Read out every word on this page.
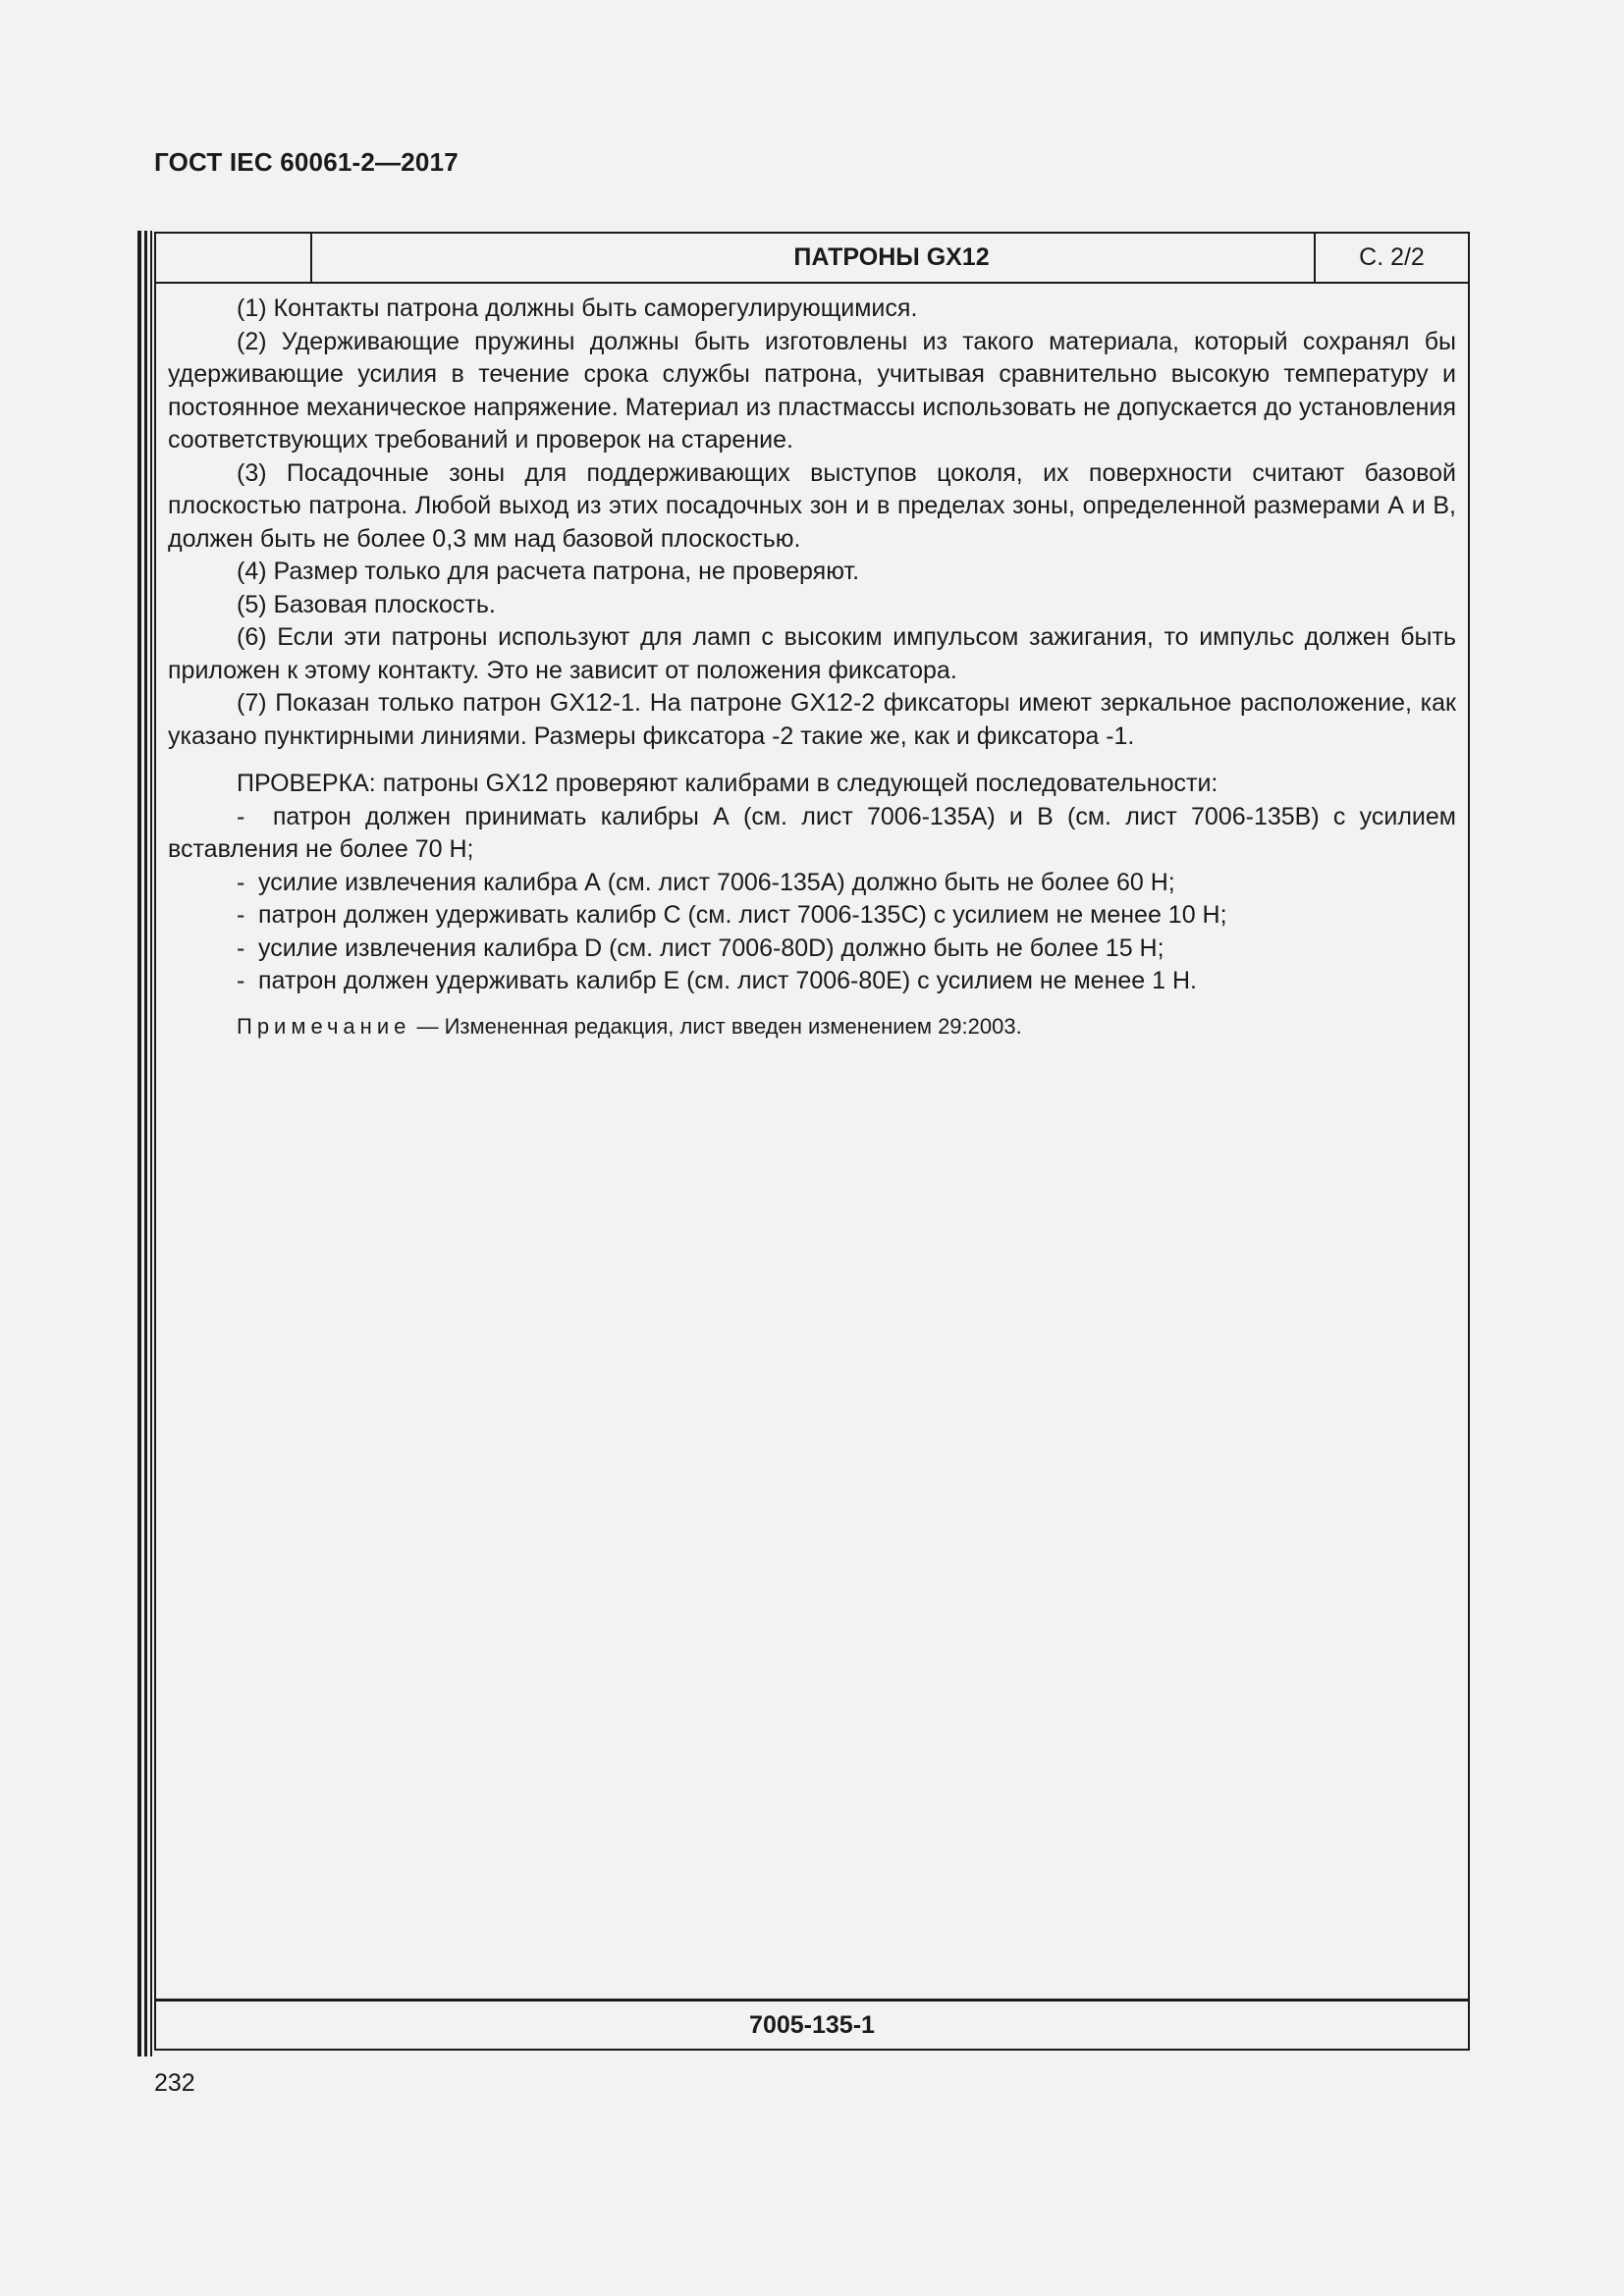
ГОСТ IEC 60061-2—2017
ПАТРОНЫ GX12	С. 2/2

(1) Контакты патрона должны быть саморегулирующимися.

(2) Удерживающие пружины должны быть изготовлены из такого материала, который сохранял бы удерживающие усилия в течение срока службы патрона, учитывая сравнительно высокую температуру и постоянное механическое напряжение. Материал из пластмассы использовать не допускается до установления соответствующих требований и проверок на старение.

(3) Посадочные зоны для поддерживающих выступов цоколя, их поверхности считают базовой плоскостью патрона. Любой выход из этих посадочных зон и в пределах зоны, определенной размерами А и В, должен быть не более 0,3 мм над базовой плоскостью.

(4) Размер только для расчета патрона, не проверяют.

(5) Базовая плоскость.

(6) Если эти патроны используют для ламп с высоким импульсом зажигания, то импульс должен быть приложен к этому контакту. Это не зависит от положения фиксатора.

(7) Показан только патрон GX12-1. На патроне GX12-2 фиксаторы имеют зеркальное расположение, как указано пунктирными линиями. Размеры фиксатора -2 такие же, как и фиксатора -1.

ПРОВЕРКА: патроны GX12 проверяют калибрами в следующей последовательности:

- патрон должен принимать калибры А (см. лист 7006-135А) и В (см. лист 7006-135В) с усилием вставления не более 70 Н;
- усилие извлечения калибра А (см. лист 7006-135А) должно быть не более 60 Н;
- патрон должен удерживать калибр С (см. лист 7006-135С) с усилием не менее 10 Н;
- усилие извлечения калибра D (см. лист 7006-80D) должно быть не более 15 Н;
- патрон должен удерживать калибр Е (см. лист 7006-80Е) с усилием не менее 1 Н.
Примечание — Измененная редакция, лист введен изменением 29:2003.
7005-135-1
232
